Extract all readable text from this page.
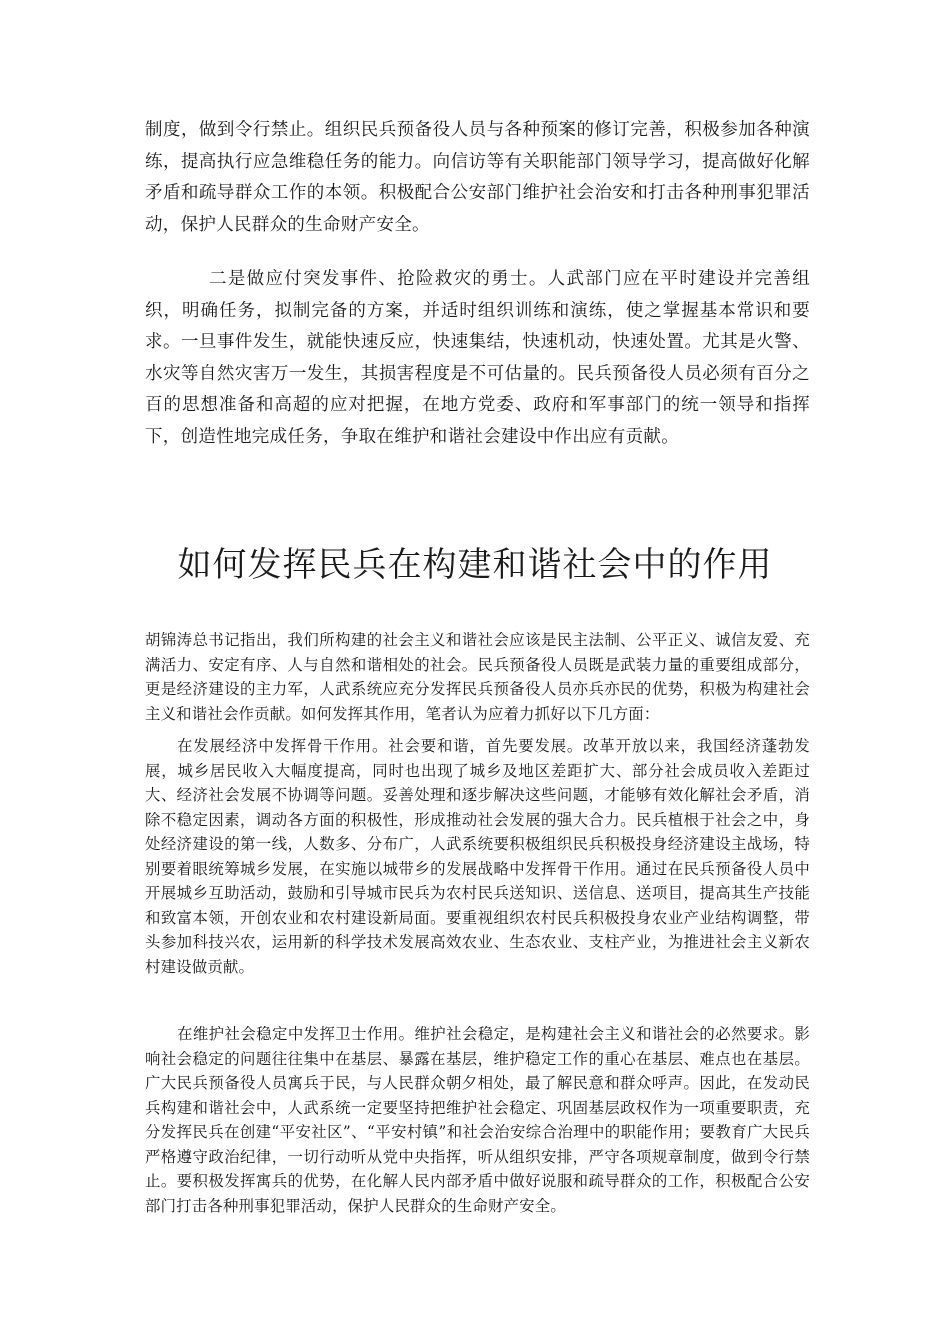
制度，做到令行禁止。组织民兵预备役人员与各种预案的修订完善，积极参加各种演练，提高执行应急维稳任务的能力。向信访等有关职能部门领导学习，提高做好化解矛盾和疏导群众工作的本领。积极配合公安部门维护社会治安和打击各种刑事犯罪活动，保护人民群众的生命财产安全。

二是做应付突发事件、抢险救灾的勇士。人武部门应在平时建设并完善组织，明确任务，拟制完备的方案，并适时组织训练和演练，使之掌握基本常识和要求。一旦事件发生，就能快速反应，快速集结，快速机动，快速处置。尤其是火警、水灾等自然灾害万一发生，其损害程度是不可估量的。民兵预备役人员必须有百分之百的思想准备和高超的应对把握，在地方党委、政府和军事部门的统一领导和指挥下，创造性地完成任务，争取在维护和谐社会建设中作出应有贡献。

如何发挥民兵在构建和谐社会中的作用

胡锦涛总书记指出，我们所构建的社会主义和谐社会应该是民主法制、公平正义、诚信友爱、充满活力、安定有序、人与自然和谐相处的社会。民兵预备役人员既是武装力量的重要组成部分，更是经济建设的主力军，人武系统应充分发挥民兵预备役人员亦兵亦民的优势，积极为构建社会主义和谐社会作贡献。如何发挥其作用，笔者认为应着力抓好以下几方面：

在发展经济中发挥骨干作用。社会要和谐，首先要发展。改革开放以来，我国经济蓬勃发展，城乡居民收入大幅度提高，同时也出现了城乡及地区差距扩大、部分社会成员收入差距过大、经济社会发展不协调等问题。妥善处理和逐步解决这些问题，才能够有效化解社会矛盾，消除不稳定因素，调动各方面的积极性，形成推动社会发展的强大合力。民兵植根于社会之中，身处经济建设的第一线，人数多、分布广，人武系统要积极组织民兵积极投身经济建设主战场，特别要着眼统筹城乡发展，在实施以城带乡的发展战略中发挥骨干作用。通过在民兵预备役人员中开展城乡互助活动，鼓励和引导城市民兵为农村民兵送知识、送信息、送项目，提高其生产技能和致富本领，开创农业和农村建设新局面。要重视组织农村民兵积极投身农业产业结构调整，带头参加科技兴农，运用新的科学技术发展高效农业、生态农业、支柱产业，为推进社会主义新农村建设做贡献。

在维护社会稳定中发挥卫士作用。维护社会稳定，是构建社会主义和谐社会的必然要求。影响社会稳定的问题往往集中在基层、暴露在基层，维护稳定工作的重心在基层、难点也在基层。广大民兵预备役人员寓兵于民，与人民群众朝夕相处，最了解民意和群众呼声。因此，在发动民兵构建和谐社会中，人武系统一定要坚持把维护社会稳定、巩固基层政权作为一项重要职责，充分发挥民兵在创建“平安社区”、“平安村镇”和社会治安综合治理中的职能作用；要教育广大民兵严格遵守政治纪律，一切行动听从党中央指挥，听从组织安排，严守各项规章制度，做到令行禁止。要积极发挥寓兵的优势，在化解人民内部矛盾中做好说服和疏导群众的工作，积极配合公安部门打击各种刑事犯罪活动，保护人民群众的生命财产安全。
